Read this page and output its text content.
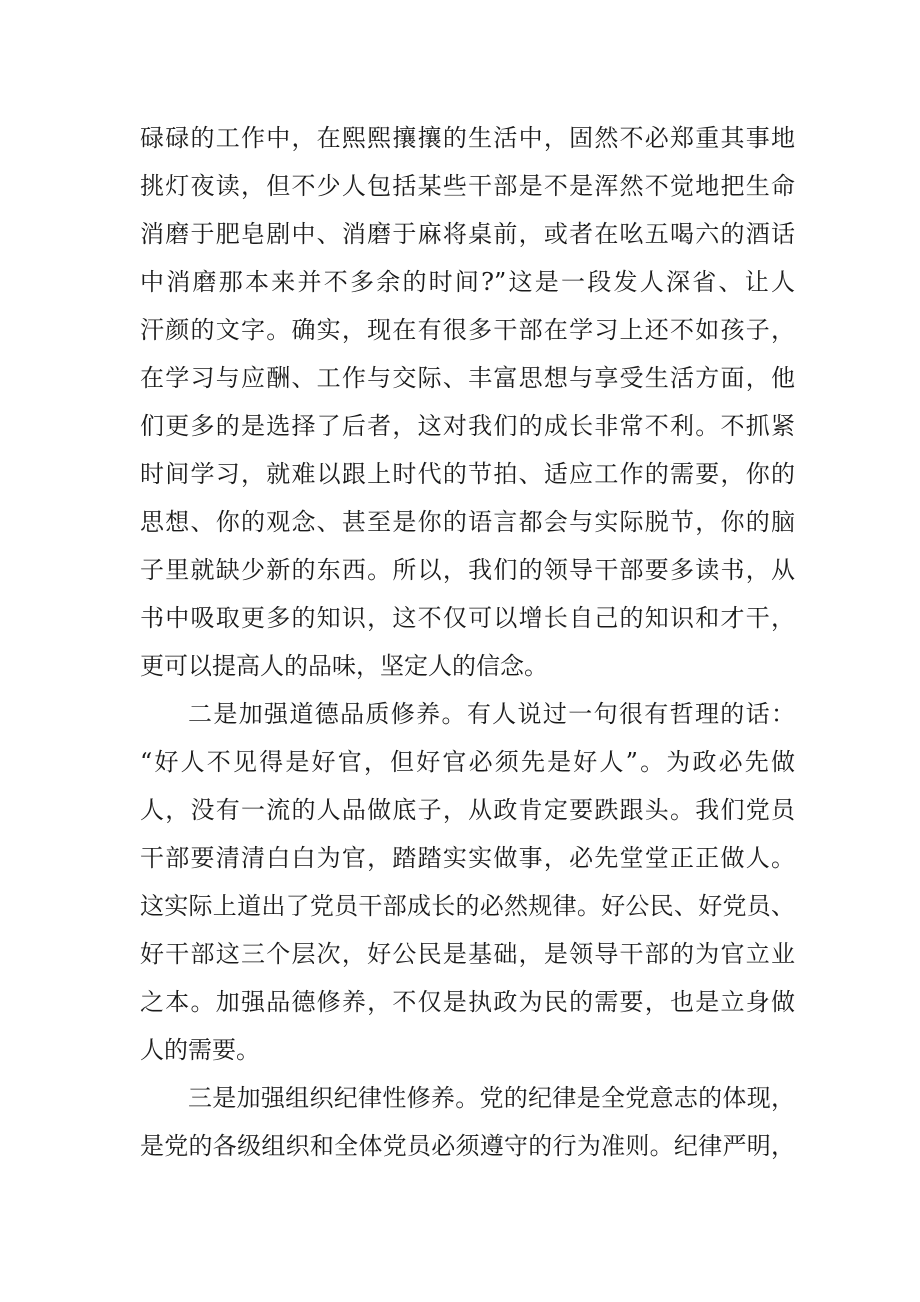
碌碌的工作中，在熙熙攘攘的生活中，固然不必郑重其事地
挑灯夜读，但不少人包括某些干部是不是浑然不觉地把生命
消磨于肥皂剧中、消磨于麻将桌前，或者在吆五喝六的酒话
中消磨那本来并不多余的时间?”这是一段发人深省、让人
汗颜的文字。确实，现在有很多干部在学习上还不如孩子，
在学习与应酬、工作与交际、丰富思想与享受生活方面，他
们更多的是选择了后者，这对我们的成长非常不利。不抓紧
时间学习，就难以跟上时代的节拍、适应工作的需要，你的
思想、你的观念、甚至是你的语言都会与实际脱节，你的脑
子里就缺少新的东西。所以，我们的领导干部要多读书，从
书中吸取更多的知识，这不仅可以增长自己的知识和才干，
更可以提高人的品味，坚定人的信念。
二是加强道德品质修养。有人说过一句很有哲理的话：
“好人不见得是好官，但好官必须先是好人”。为政必先做
人，没有一流的人品做底子，从政肯定要跌跟头。我们党员
干部要清清白白为官，踏踏实实做事，必先堂堂正正做人。
这实际上道出了党员干部成长的必然规律。好公民、好党员、
好干部这三个层次，好公民是基础，是领导干部的为官立业
之本。加强品德修养，不仅是执政为民的需要，也是立身做
人的需要。
三是加强组织纪律性修养。党的纪律是全党意志的体现，
是党的各级组织和全体党员必须遵守的行为准则。纪律严明，
